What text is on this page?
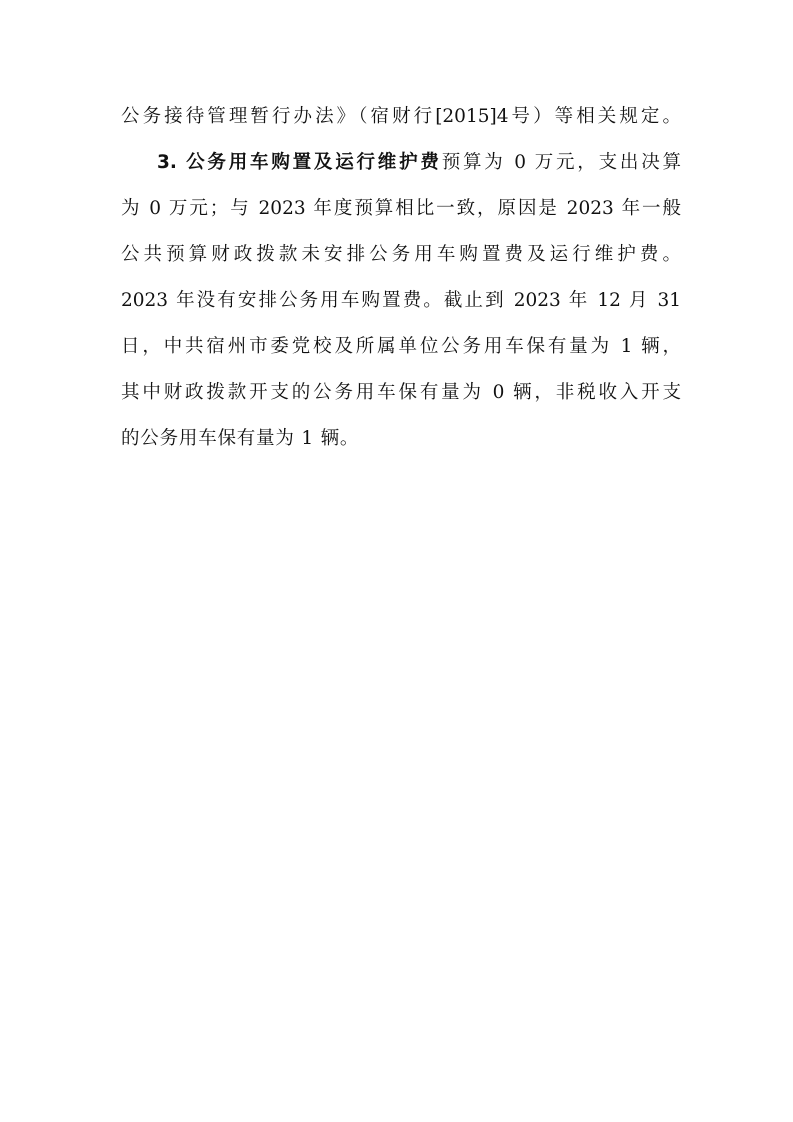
公务接待管理暂行办法》（宿财行[2015]4号）等相关规定。
3. 公务用车购置及运行维护费预算为 0 万元，支出决算
为 0 万元；与 2023 年度预算相比一致，原因是 2023 年一般
公共预算财政拨款未安排公务用车购置费及运行维护费。
2023 年没有安排公务用车购置费。截止到 2023 年 12 月 31
日，中共宿州市委党校及所属单位公务用车保有量为 1 辆，
其中财政拨款开支的公务用车保有量为 0 辆，非税收入开支
的公务用车保有量为 1 辆。
